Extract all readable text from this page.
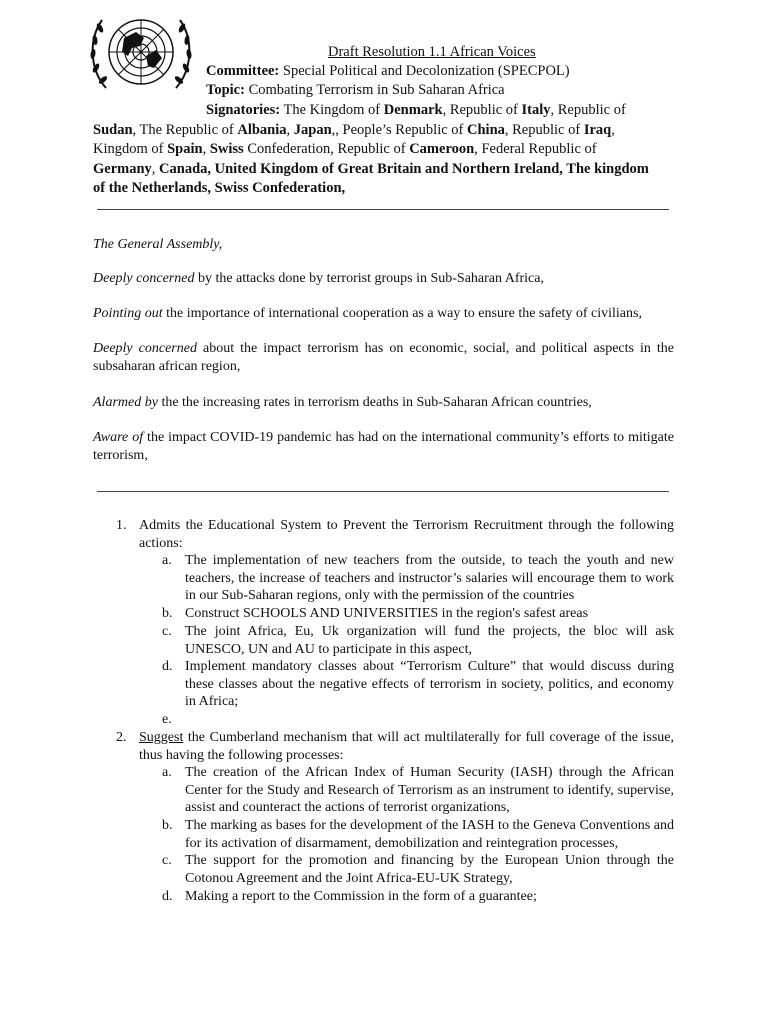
Draft Resolution 1.1 African Voices
Committee: Special Political and Decolonization (SPECPOL)
Topic: Combating Terrorism in Sub Saharan Africa
Signatories: The Kingdom of Denmark, Republic of Italy, Republic of Sudan, The Republic of Albania, Japan,, People’s Republic of China, Republic of Iraq, Kingdom of Spain, Swiss Confederation, Republic of Cameroon, Federal Republic of Germany, Canada, United Kingdom of Great Britain and Northern Ireland, The kingdom of the Netherlands, Swiss Confederation,
The General Assembly,
Deeply concerned by the attacks done by terrorist groups in Sub-Saharan Africa,
Pointing out the importance of international cooperation as a way to ensure the safety of civilians,
Deeply concerned about the impact terrorism has on economic, social, and political aspects in the subsaharan african region,
Alarmed by the the increasing rates in terrorism deaths in Sub-Saharan African countries,
Aware of the impact COVID-19 pandemic has had on the international community’s efforts to mitigate terrorism,
1. Admits the Educational System to Prevent the Terrorism Recruitment through the following actions:
a. The implementation of new teachers from the outside, to teach the youth and new teachers, the increase of teachers and instructor’s salaries will encourage them to work in our Sub-Saharan regions, only with the permission of the countries
b. Construct SCHOOLS AND UNIVERSITIES in the region's safest areas
c. The joint Africa, Eu, Uk organization will fund the projects, the bloc will ask UNESCO, UN and AU to participate in this aspect,
d. Implement mandatory classes about “Terrorism Culture” that would discuss during these classes about the negative effects of terrorism in society, politics, and economy in Africa;
e.
2. Suggest the Cumberland mechanism that will act multilaterally for full coverage of the issue, thus having the following processes:
a. The creation of the African Index of Human Security (IASH) through the African Center for the Study and Research of Terrorism as an instrument to identify, supervise, assist and counteract the actions of terrorist organizations,
b. The marking as bases for the development of the IASH to the Geneva Conventions and for its activation of disarmament, demobilization and reintegration processes,
c. The support for the promotion and financing by the European Union through the Cotonou Agreement and the Joint Africa-EU-UK Strategy,
d. Making a report to the Commission in the form of a guarantee;
